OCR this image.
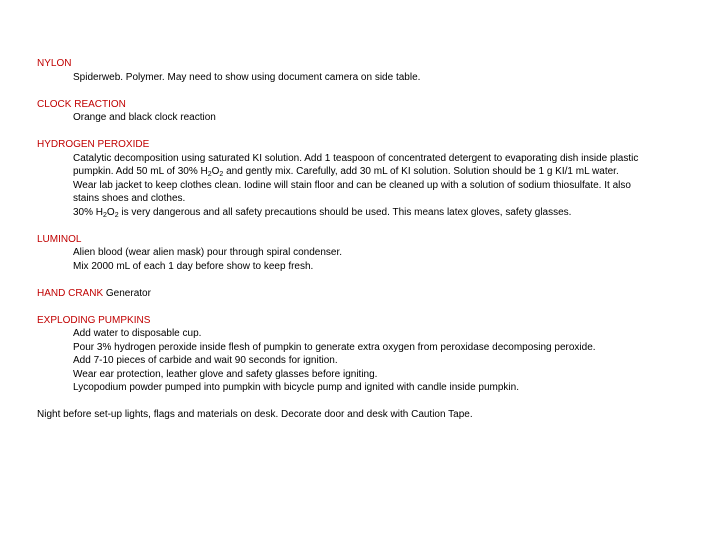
NYLON
Spiderweb. Polymer. May need to show using document camera on side table.
CLOCK REACTION
Orange and black clock reaction
HYDROGEN PEROXIDE
Catalytic decomposition using saturated KI solution. Add 1 teaspoon of concentrated detergent to evaporating dish inside plastic
pumpkin. Add 50 mL of 30% $H_2O_2$ and gently mix. Carefully, add 30 mL of KI solution. Solution should be 1 g KI/1 mL water.
Wear lab jacket to keep clothes clean. Iodine will stain floor and can be cleaned up with a solution of sodium thiosulfate. It also
stains shoes and clothes.
30% $H_2O_2$ is very dangerous and all safety precautions should be used. This means latex gloves, safety glasses.
LUMINOL
Alien blood (wear alien mask) pour through spiral condenser.
Mix 2000 mL of each 1 day before show to keep fresh.
HAND CRANK Generator
EXPLODING PUMPKINS
Add water to disposable cup.
Pour 3% hydrogen peroxide inside flesh of pumpkin to generate extra oxygen from peroxidase decomposing peroxide.
Add 7-10 pieces of carbide and wait 90 seconds for ignition.
Wear ear protection, leather glove and safety glasses before igniting.
Lycopodium powder pumped into pumpkin with bicycle pump and ignited with candle inside pumpkin.
Night before set-up lights, flags and materials on desk. Decorate door and desk with Caution Tape.
